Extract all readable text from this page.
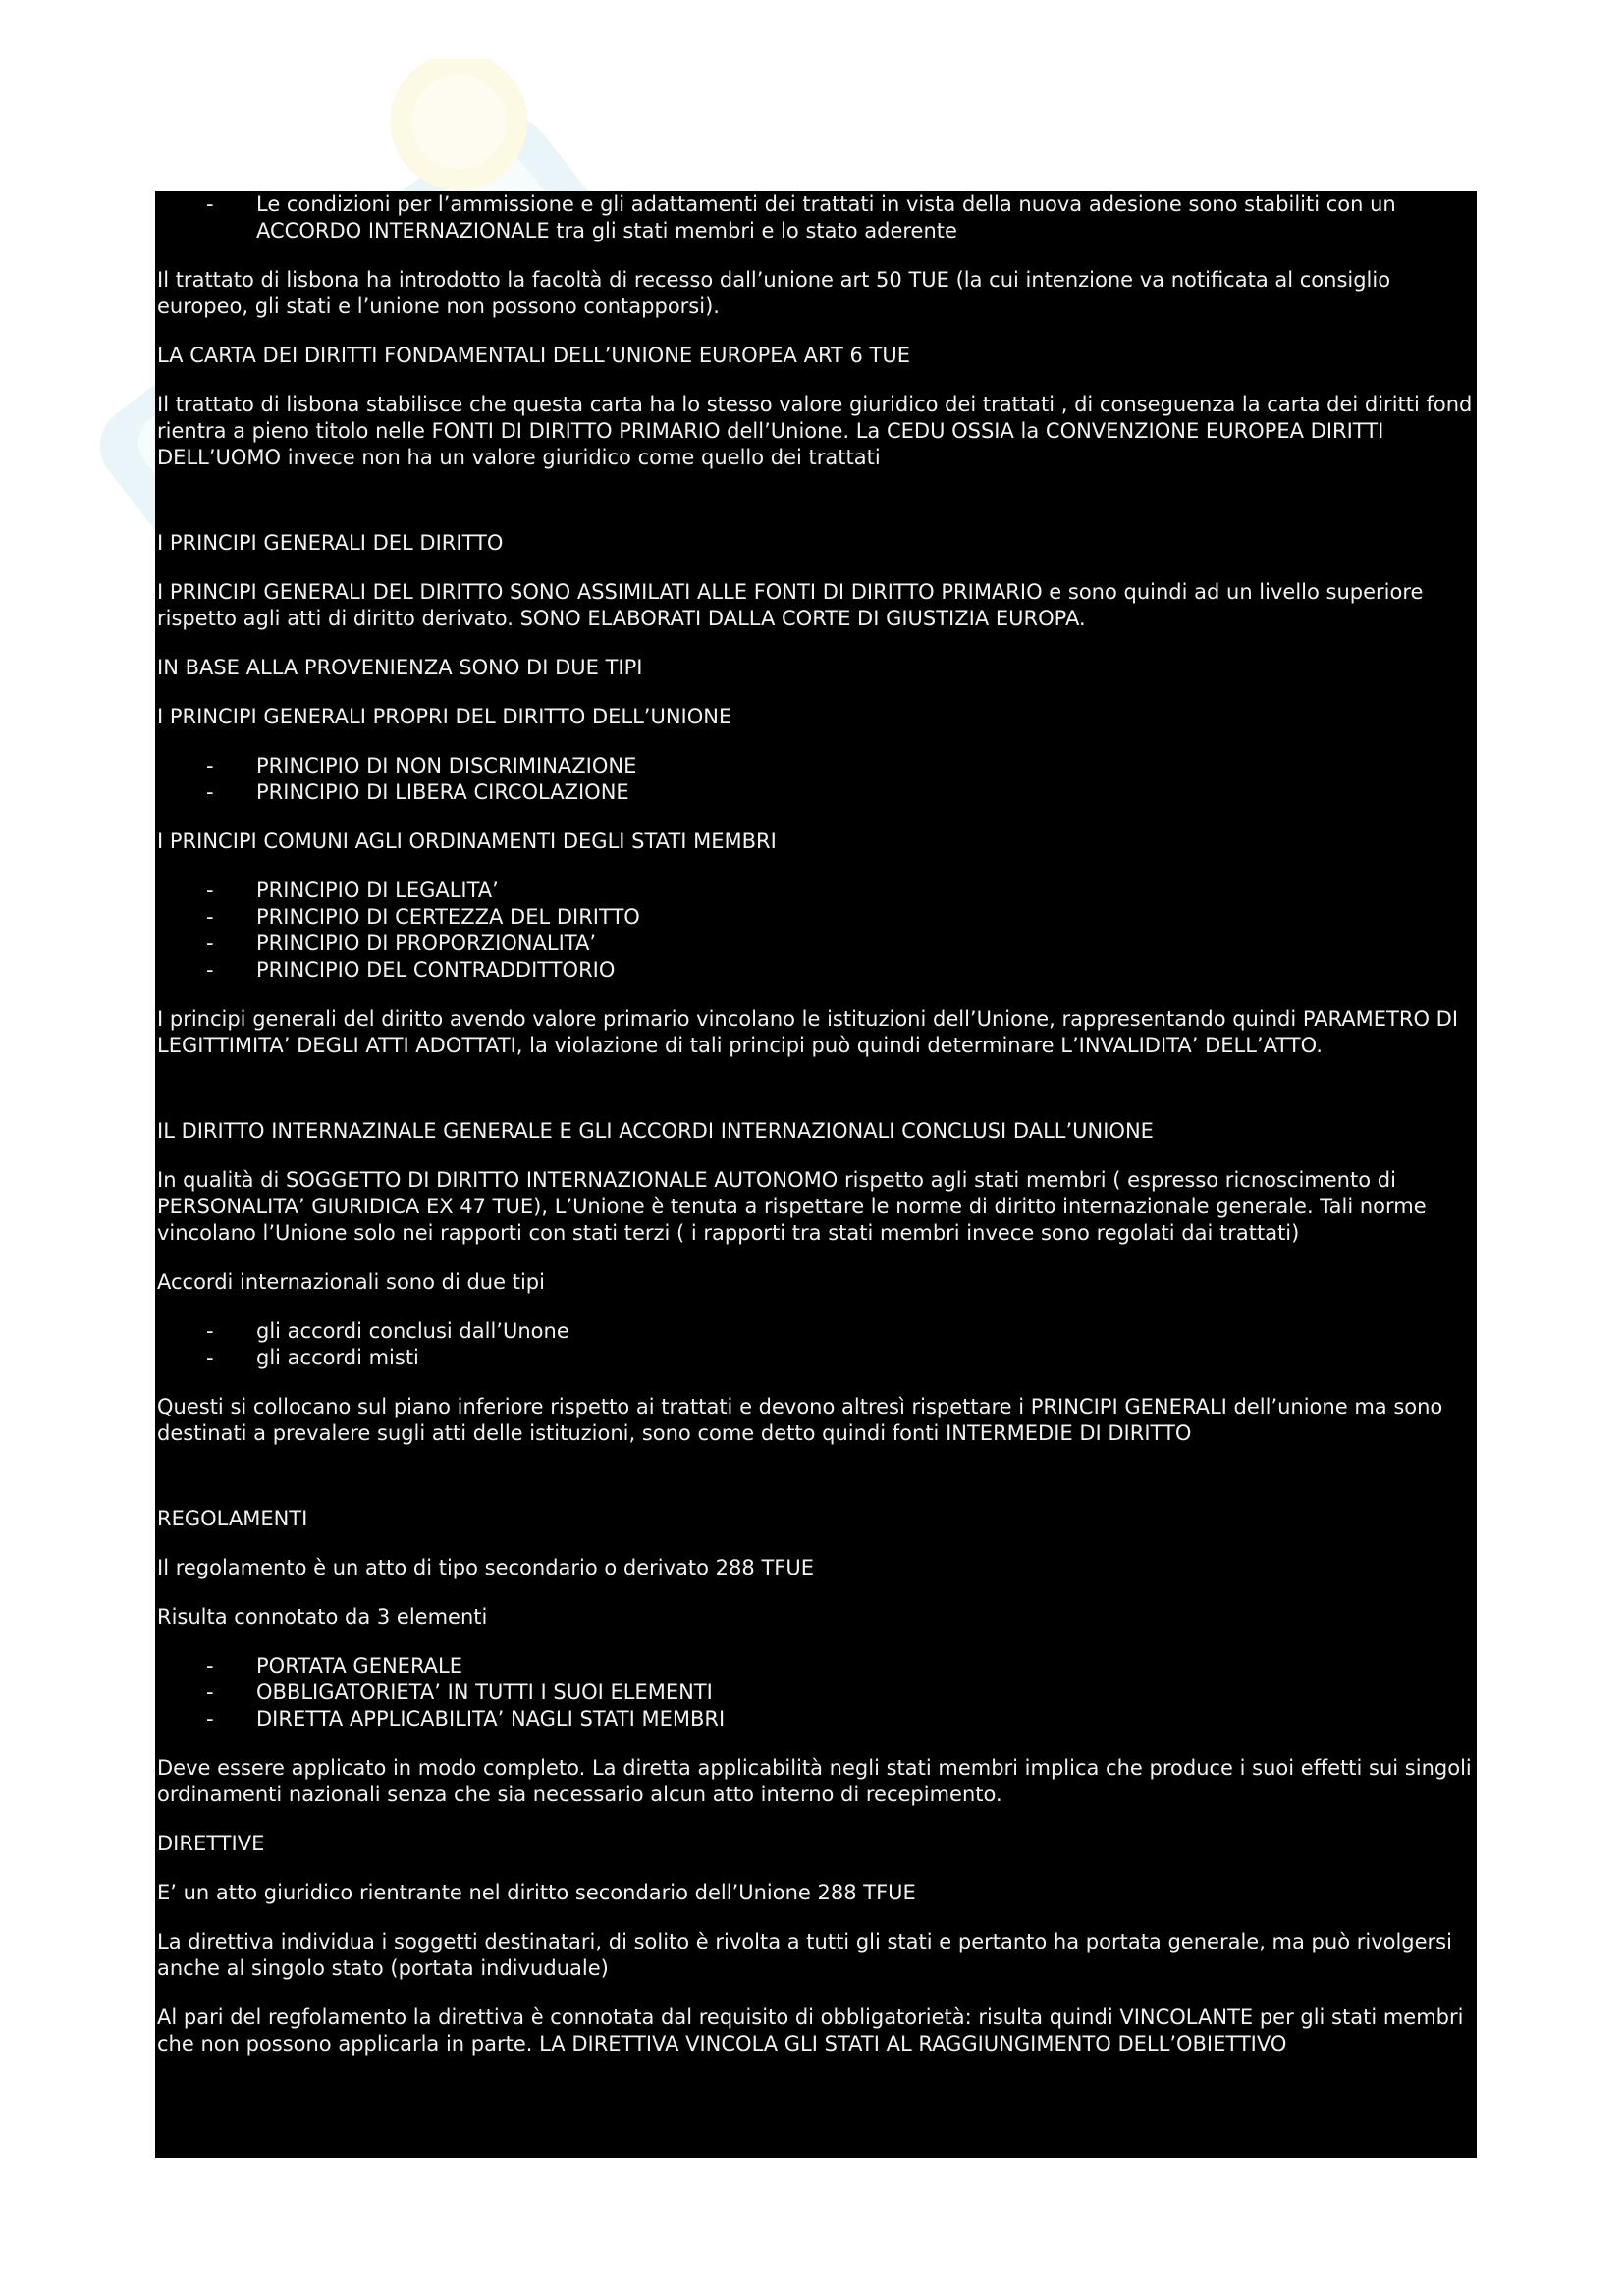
- Le condizioni per l’ammissione e gli adattamenti dei trattati in vista della nuova adesione sono stabiliti con un ACCORDO INTERNAZIONALE tra gli stati membri e lo stato aderente

Il trattato di lisbona ha introdotto la facoltà di recesso dall’unione art 50 TUE (la cui intenzione va notificata al consiglio europeo, gli stati e l’unione non possono contapporsi).

LA CARTA DEI DIRITTI FONDAMENTALI DELL’UNIONE EUROPEA ART 6 TUE

Il trattato di lisbona stabilisce che questa carta ha lo stesso valore giuridico dei trattati , di conseguenza la carta dei diritti fond rientra a pieno titolo nelle FONTI DI DIRITTO PRIMARIO dell’Unione. La CEDU OSSIA la CONVENZIONE EUROPEA DIRITTI DELL’UOMO invece non ha un valore giuridico come quello dei trattati

I PRINCIPI GENERALI DEL DIRITTO

I PRINCIPI GENERALI DEL DIRITTO SONO ASSIMILATI ALLE FONTI DI DIRITTO PRIMARIO e sono quindi ad un livello superiore rispetto agli atti di diritto derivato. SONO ELABORATI DALLA CORTE DI GIUSTIZIA EUROPA.

IN BASE ALLA PROVENIENZA SONO DI DUE TIPI

I PRINCIPI GENERALI PROPRI DEL DIRITTO DELL’UNIONE

- PRINCIPIO DI NON DISCRIMINAZIONE
- PRINCIPIO DI LIBERA CIRCOLAZIONE

I PRINCIPI COMUNI AGLI ORDINAMENTI DEGLI STATI MEMBRI

- PRINCIPIO DI LEGALITA’
- PRINCIPIO DI CERTEZZA DEL DIRITTO
- PRINCIPIO DI PROPORZIONALITA’
- PRINCIPIO DEL CONTRADDITTORIO

I principi generali del diritto avendo valore primario vincolano le istituzioni dell’Unione, rappresentando quindi PARAMETRO DI LEGITTIMITA’ DEGLI ATTI ADOTTATI, la violazione di tali principi può quindi determinare L’INVALIDITA’ DELL’ATTO.

IL DIRITTO INTERNAZINALE GENERALE E GLI ACCORDI INTERNAZIONALI CONCLUSI DALL’UNIONE

In qualità di SOGGETTO DI DIRITTO INTERNAZIONALE AUTONOMO rispetto agli stati membri ( espresso ricnoscimento di PERSONALITA’ GIURIDICA EX 47 TUE), L’Unione è tenuta a rispettare le norme di diritto internazionale generale. Tali norme vincolano l’Unione solo nei rapporti con stati terzi ( i rapporti tra stati membri invece sono regolati dai trattati)

Accordi internazionali sono di due tipi

- gli accordi conclusi dall’Unone
- gli accordi misti

Questi si collocano sul piano inferiore rispetto ai trattati e devono altresì rispettare i PRINCIPI GENERALI dell’unione ma sono destinati a prevalere sugli atti delle istituzioni, sono come detto quindi fonti INTERMEDIE DI DIRITTO

REGOLAMENTI

Il regolamento è un atto di tipo secondario o derivato 288 TFUE

Risulta connotato da 3 elementi

- PORTATA GENERALE
- OBBLIGATORIETA’ IN TUTTI I SUOI ELEMENTI
- DIRETTA APPLICABILITA’ NAGLI STATI MEMBRI

Deve essere applicato in modo completo. La diretta applicabilità negli stati membri implica che produce i suoi effetti sui singoli ordinamenti nazionali senza che sia necessario alcun atto interno di recepimento.

DIRETTIVE

E’ un atto giuridico rientrante nel diritto secondario dell’Unione 288 TFUE

La direttiva individua i soggetti destinatari, di solito è rivolta a tutti gli stati e pertanto ha portata generale, ma può rivolgersi anche al singolo stato (portata indivuduale)

Al pari del regfolamento la direttiva è connotata dal requisito di obbligatorietà: risulta quindi VINCOLANTE per gli stati membri che non possono applicarla in parte. LA DIRETTIVA VINCOLA GLI STATI AL RAGGIUNGIMENTO DELL’OBIETTIVO
